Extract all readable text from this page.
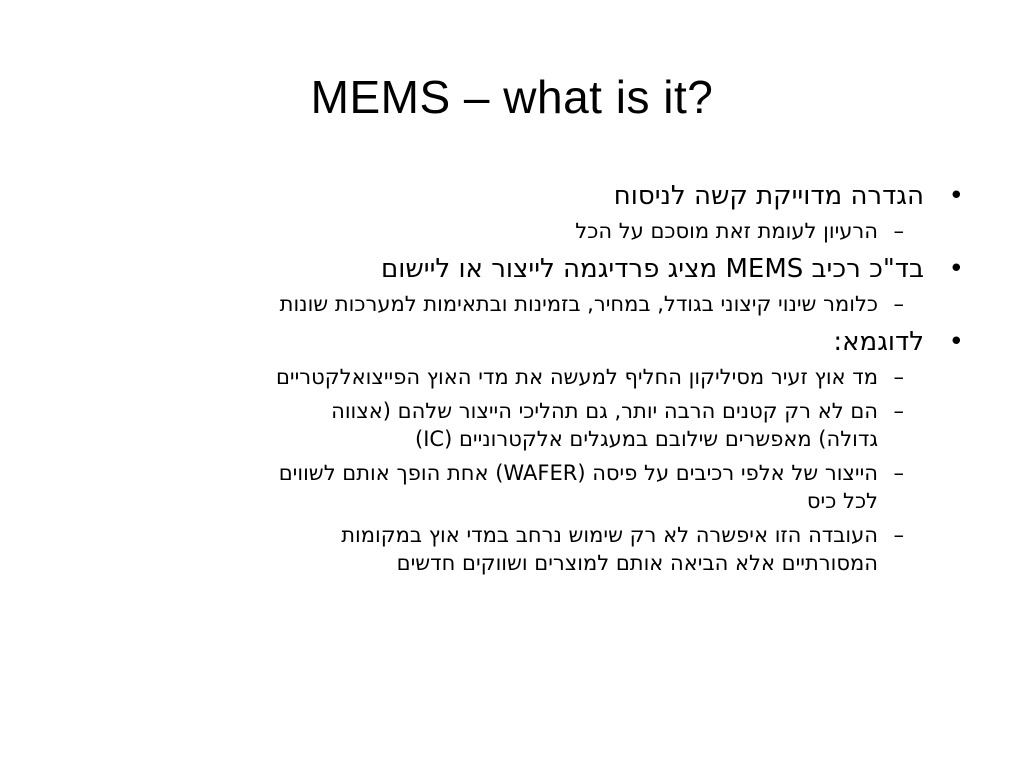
MEMS – what is it?
•
הגדרה מדוייקת קשה לניסוח
–
הרעיון לעומת זאת מוסכם על הכל
•
בד"כ רכיב MEMS מציג פרדיגמה לייצור או ליישום
–
כלומר שינוי קיצוני בגודל, במחיר, בזמינות ובתאימות למערכות שונות
•
לדוגמא:
–
מד אוץ זעיר מסיליקון החליף למעשה את מדי האוץ הפייצואלקטריים
–
הם לא רק קטנים הרבה יותר, גם תהליכי הייצור שלהם (אצווה
גדולה) מאפשרים שילובם במעגלים אלקטרוניים (IC)
–
הייצור של אלפי רכיבים על פיסה (WAFER) אחת הופך אותם לשווים
לכל כיס
–
העובדה הזו איפשרה לא רק שימוש נרחב במדי אוץ במקומות
המסורתיים אלא הביאה אותם למוצרים ושווקים חדשים
